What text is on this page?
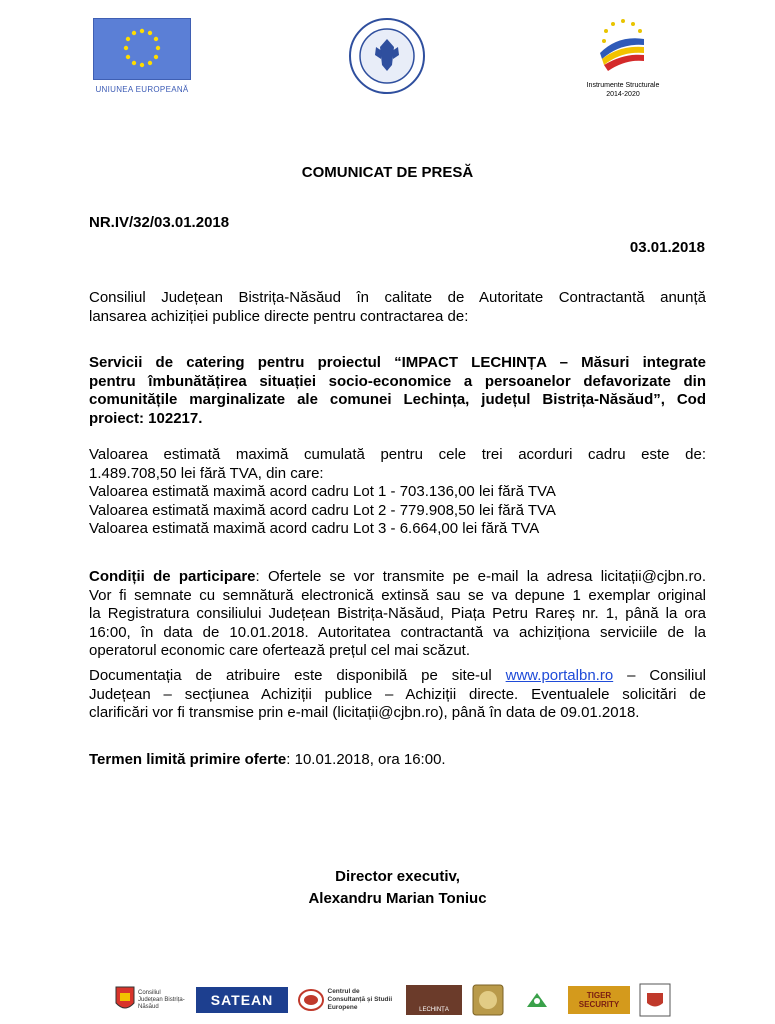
UNIUNEA EUROPEANĂ	Instrumente Structurale
2014-2020
COMUNICAT DE PRESĂ
NR.IV/32/03.01.2018
03.01.2018
Consiliul Județean Bistrița-Năsăud în calitate de Autoritate Contractantă anunță
lansarea achiziției publice directe pentru contractarea de:
Servicii de catering pentru proiectul “IMPACT LECHINȚA – Măsuri integrate
pentru îmbunătățirea situației socio-economice a persoanelor defavorizate din
comunitățile marginalizate ale comunei Lechința, județul Bistrița-Năsăud”, Cod
proiect: 102217.
Valoarea estimată maximă cumulată pentru cele trei acorduri cadru este de:
1.489.708,50 lei fără TVA, din care:
Valoarea estimată maximă acord cadru Lot 1 - 703.136,00 lei fără TVA
Valoarea estimată maximă acord cadru Lot 2 - 779.908,50 lei fără TVA
Valoarea estimată maximă acord cadru Lot 3 - 6.664,00 lei fără TVA
Condiții de participare: Ofertele se vor transmite pe e-mail la adresa licitații@cjbn.ro.
Vor fi semnate cu semnătură electronică extinsă sau se va depune 1 exemplar original
la Registratura consiliului Județean Bistrița-Năsăud, Piața Petru Rareș nr. 1, până la ora
16:00, în data de 10.01.2018. Autoritatea contractantă va achiziționa serviciile de la
operatorul economic care ofertează prețul cel mai scăzut.
Documentația de atribuire este disponibilă pe site-ul www.portalbn.ro – Consiliul
Județean – secțiunea Achiziții publice – Achiziții directe. Eventualele solicitări de
clarificări vor fi transmise prin e-mail (licitații@cjbn.ro), până în data de 09.01.2018.
Termen limită primire oferte: 10.01.2018, ora 16:00.
Director executiv,
Alexandru Marian Toniuc
Consiliul Județean Bistrița-Năsăud	SATEAN
Centrul de Consultanță și Studii Europene	LECHINȚA
TIGER SECURITY
